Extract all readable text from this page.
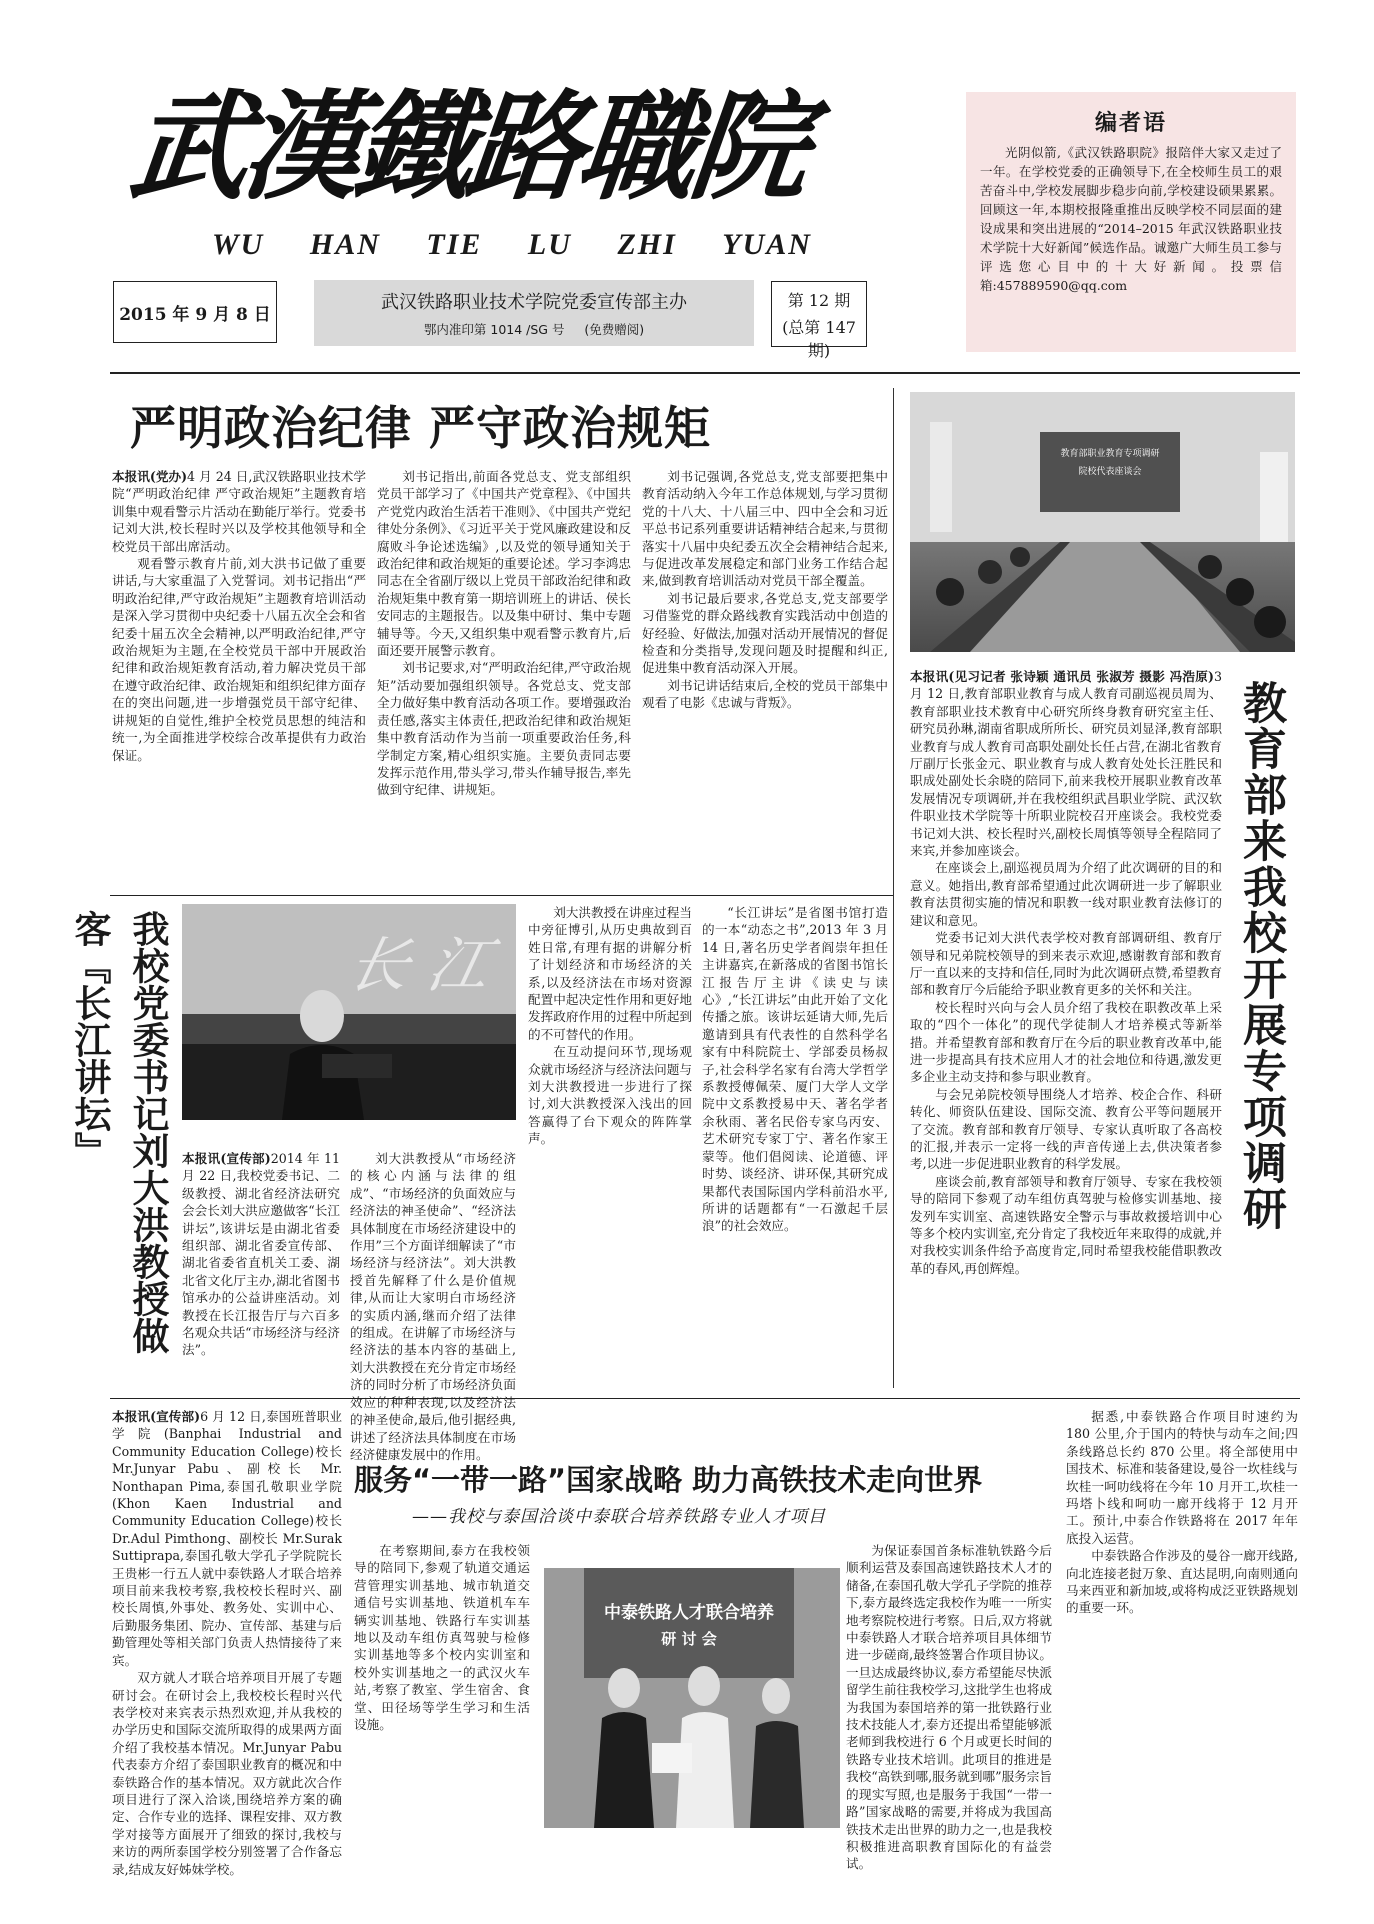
武漢鐵路職院
WU HAN TIE LU ZHI YUAN
2015 年 9 月 8 日
武汉铁路职业技术学院党委宣传部主办
鄂内准印第 1014 /SG 号 (免费赠阅)
第 12 期
(总第 147 期)
编者语
光阴似箭,《武汉铁路职院》报陪伴大家又走过了一年。在学校党委的正确领导下,在全校师生员工的艰苦奋斗中,学校发展脚步稳步向前,学校建设硕果累累。回顾这一年,本期校报隆重推出反映学校不同层面的建设成果和突出进展的“2014–2015 年武汉铁路职业技术学院十大好新闻”候选作品。诚邀广大师生员工参与评选您心目中的十大好新闻。投票信箱:457889590@qq.com
严明政治纪律 严守政治规矩

本报讯(党办)4 月 24 日,武汉铁路职业技术学院“严明政治纪律 严守政治规矩”主题教育培训集中观看警示片活动在勤能厅举行。党委书记刘大洪,校长程时兴以及学校其他领导和全校党员干部出席活动。

观看警示教育片前,刘大洪书记做了重要讲话,与大家重温了入党誓词。刘书记指出“严明政治纪律,严守政治规矩”主题教育培训活动是深入学习贯彻中央纪委十八届五次全会和省纪委十届五次全会精神,以严明政治纪律,严守政治规矩为主题,在全校党员干部中开展政治纪律和政治规矩教育活动,着力解决党员干部在遵守政治纪律、政治规矩和组织纪律方面存在的突出问题,进一步增强党员干部守纪律、讲规矩的自觉性,维护全校党员思想的纯洁和统一,为全面推进学校综合改革提供有力政治保证。

刘书记指出,前面各党总支、党支部组织党员干部学习了《中国共产党章程》、《中国共产党党内政治生活若干准则》、《中国共产党纪律处分条例》、《习近平关于党风廉政建设和反腐败斗争论述选编》,以及党的领导通知关于政治纪律和政治规矩的重要论述。学习李鸿忠同志在全省副厅级以上党员干部政治纪律和政治规矩集中教育第一期培训班上的讲话、侯长安同志的主题报告。以及集中研讨、集中专题辅导等。今天,又组织集中观看警示教育片,后面还要开展警示教育。

刘书记要求,对“严明政治纪律,严守政治规矩”活动要加强组织领导。各党总支、党支部全力做好集中教育活动各项工作。要增强政治责任感,落实主体责任,把政治纪律和政治规矩集中教育活动作为当前一项重要政治任务,科学制定方案,精心组织实施。主要负责同志要发挥示范作用,带头学习,带头作辅导报告,率先做到守纪律、讲规矩。

刘书记强调,各党总支,党支部要把集中教育活动纳入今年工作总体规划,与学习贯彻党的十八大、十八届三中、四中全会和习近平总书记系列重要讲话精神结合起来,与贯彻落实十八届中央纪委五次全会精神结合起来,与促进改革发展稳定和部门业务工作结合起来,做到教育培训活动对党员干部全覆盖。

刘书记最后要求,各党总支,党支部要学习借鉴党的群众路线教育实践活动中创造的好经验、好做法,加强对活动开展情况的督促检查和分类指导,发现问题及时提醒和纠正,促进集中教育活动深入开展。

刘书记讲话结束后,全校的党员干部集中观看了电影《忠诚与背叛》。

教育部职业教育专项调研
院校代表座谈会
教育部来我校开展专项调研

本报讯(见习记者 张诗颖 通讯员 张淑芳 摄影 冯浩原)3 月 12 日,教育部职业教育与成人教育司副巡视员周为、教育部职业技术教育中心研究所终身教育研究室主任、研究员孙琳,湖南省职成所所长、研究员刘显泽,教育部职业教育与成人教育司高职处副处长任占营,在湖北省教育厅副厅长张金元、职业教育与成人教育处处长汪胜民和职成处副处长余晓的陪同下,前来我校开展职业教育改革发展情况专项调研,并在我校组织武昌职业学院、武汉软件职业技术学院等十所职业院校召开座谈会。我校党委书记刘大洪、校长程时兴,副校长周慎等领导全程陪同了来宾,并参加座谈会。

在座谈会上,副巡视员周为介绍了此次调研的目的和意义。她指出,教育部希望通过此次调研进一步了解职业教育法贯彻实施的情况和职教一线对职业教育法修订的建议和意见。

党委书记刘大洪代表学校对教育部调研组、教育厅领导和兄弟院校领导的到来表示欢迎,感谢教育部和教育厅一直以来的支持和信任,同时为此次调研点赞,希望教育部和教育厅今后能给予职业教育更多的关怀和关注。

校长程时兴向与会人员介绍了我校在职教改革上采取的“四个一体化”的现代学徒制人才培养模式等新举措。并希望教育部和教育厅在今后的职业教育改革中,能进一步提高具有技术应用人才的社会地位和待遇,激发更多企业主动支持和参与职业教育。

与会兄弟院校领导围绕人才培养、校企合作、科研转化、师资队伍建设、国际交流、教育公平等问题展开了交流。教育部和教育厅领导、专家认真听取了各高校的汇报,并表示一定将一线的声音传递上去,供决策者参考,以进一步促进职业教育的科学发展。

座谈会前,教育部领导和教育厅领导、专家在我校领导的陪同下参观了动车组仿真驾驶与检修实训基地、接发列车实训室、高速铁路安全警示与事故救援培训中心等多个校内实训室,充分肯定了我校近年来取得的成就,并对我校实训条件给予高度肯定,同时希望我校能借职教改革的春风,再创辉煌。

我校党委书记刘大洪教授做客『长江讲坛』	长江

本报讯(宣传部)2014 年 11 月 22 日,我校党委书记、二级教授、湖北省经济法研究会会长刘大洪应邀做客“长江讲坛”,该讲坛是由湖北省委组织部、湖北省委宣传部、湖北省委省直机关工委、湖北省文化厅主办,湖北省图书馆承办的公益讲座活动。刘教授在长江报告厅与六百多名观众共话“市场经济与经济法”。

刘大洪教授从“市场经济的核心内涵与法律的组成”、“市场经济的负面效应与经济法的神圣使命”、“经济法具体制度在市场经济建设中的作用”三个方面详细解读了“市场经济与经济法”。刘大洪教授首先解释了什么是价值规律,从而让大家明白市场经济的实质内涵,继而介绍了法律的组成。在讲解了市场经济与经济法的基本内容的基础上,刘大洪教授在充分肯定市场经济的同时分析了市场经济负面效应的种种表现,以及经济法的神圣使命,最后,他引据经典,讲述了经济法具体制度在市场经济健康发展中的作用。

刘大洪教授在讲座过程当中旁征博引,从历史典故到百姓日常,有理有据的讲解分析了计划经济和市场经济的关系,以及经济法在市场对资源配置中起决定性作用和更好地发挥政府作用的过程中所起到的不可替代的作用。

在互动提问环节,现场观众就市场经济与经济法问题与刘大洪教授进一步进行了探讨,刘大洪教授深入浅出的回答赢得了台下观众的阵阵掌声。

“长江讲坛”是省图书馆打造的一本“动态之书”,2013 年 3 月 14 日,著名历史学者阎崇年担任主讲嘉宾,在新落成的省图书馆长江报告厅主讲《读史与读心》,“长江讲坛”由此开始了文化传播之旅。该讲坛延请大师,先后邀请到具有代表性的自然科学名家有中科院院士、学部委员杨叔子,社会科学名家有台湾大学哲学系教授傅佩荣、厦门大学人文学院中文系教授易中天、著名学者余秋雨、著名民俗专家乌丙安、艺术研究专家丁宁、著名作家王蒙等。他们倡阅读、论道德、评时势、谈经济、讲环保,其研究成果都代表国际国内学科前沿水平,所讲的话题都有“一石激起千层浪”的社会效应。

服务“一带一路”国家战略 助力高铁技术走向世界
——我校与泰国洽谈中泰联合培养铁路专业人才项目

本报讯(宣传部)6 月 12 日,泰国班普职业学院(Banphai Industrial and Community Education College)校长 Mr.Junyar Pabu、副校长 Mr. Nonthapan Pima,泰国孔敬职业学院(Khon Kaen Industrial and Community Education College)校长 Dr.Adul Pimthong、副校长 Mr.Surak Suttiprapa,泰国孔敬大学孔子学院院长王贵彬一行五人就中泰铁路人才联合培养项目前来我校考察,我校校长程时兴、副校长周慎,外事处、教务处、实训中心、后勤服务集团、院办、宣传部、基建与后勤管理处等相关部门负责人热情接待了来宾。

双方就人才联合培养项目开展了专题研讨会。在研讨会上,我校校长程时兴代表学校对来宾表示热烈欢迎,并从我校的办学历史和国际交流所取得的成果两方面介绍了我校基本情况。Mr.Junyar Pabu 代表泰方介绍了泰国职业教育的概况和中泰铁路合作的基本情况。双方就此次合作项目进行了深入洽谈,围绕培养方案的确定、合作专业的选择、课程安排、双方教学对接等方面展开了细致的探讨,我校与来访的两所泰国学校分别签署了合作备忘录,结成友好姊妹学校。

在考察期间,泰方在我校领导的陪同下,参观了轨道交通运营管理实训基地、城市轨道交通信号实训基地、铁道机车车辆实训基地、铁路行车实训基地以及动车组仿真驾驶与检修实训基地等多个校内实训室和校外实训基地之一的武汉火车站,考察了教室、学生宿舍、食堂、田径场等学生学习和生活设施。

中泰铁路人才联合培养
研 讨 会

为保证泰国首条标准轨铁路今后顺利运营及泰国高速铁路技术人才的储备,在泰国孔敬大学孔子学院的推荐下,泰方最终选定我校作为唯一一所实地考察院校进行考察。日后,双方将就中泰铁路人才联合培养项目具体细节进一步磋商,最终签署合作项目协议。一旦达成最终协议,泰方希望能尽快派留学生前往我校学习,这批学生也将成为我国为泰国培养的第一批铁路行业技术技能人才,泰方还提出希望能够派老师到我校进行 6 个月或更长时间的铁路专业技术培训。此项目的推进是我校“高铁到哪,服务就到哪”服务宗旨的现实写照,也是服务于我国“一带一路”国家战略的需要,并将成为我国高铁技术走出世界的助力之一,也是我校积极推进高职教育国际化的有益尝试。

据悉,中泰铁路合作项目时速约为 180 公里,介于国内的特快与动车之间;四条线路总长约 870 公里。将全部使用中国技术、标准和装备建设,曼谷一坎桂线与坎桂一呵叻线将在今年 10 月开工,坎桂一玛塔卜线和呵叻一廊开线将于 12 月开工。预计,中泰合作铁路将在 2017 年年底投入运营。

中泰铁路合作涉及的曼谷一廊开线路,向北连接老挝万象、直达昆明,向南则通向马来西亚和新加坡,或将构成泛亚铁路规划的重要一环。
